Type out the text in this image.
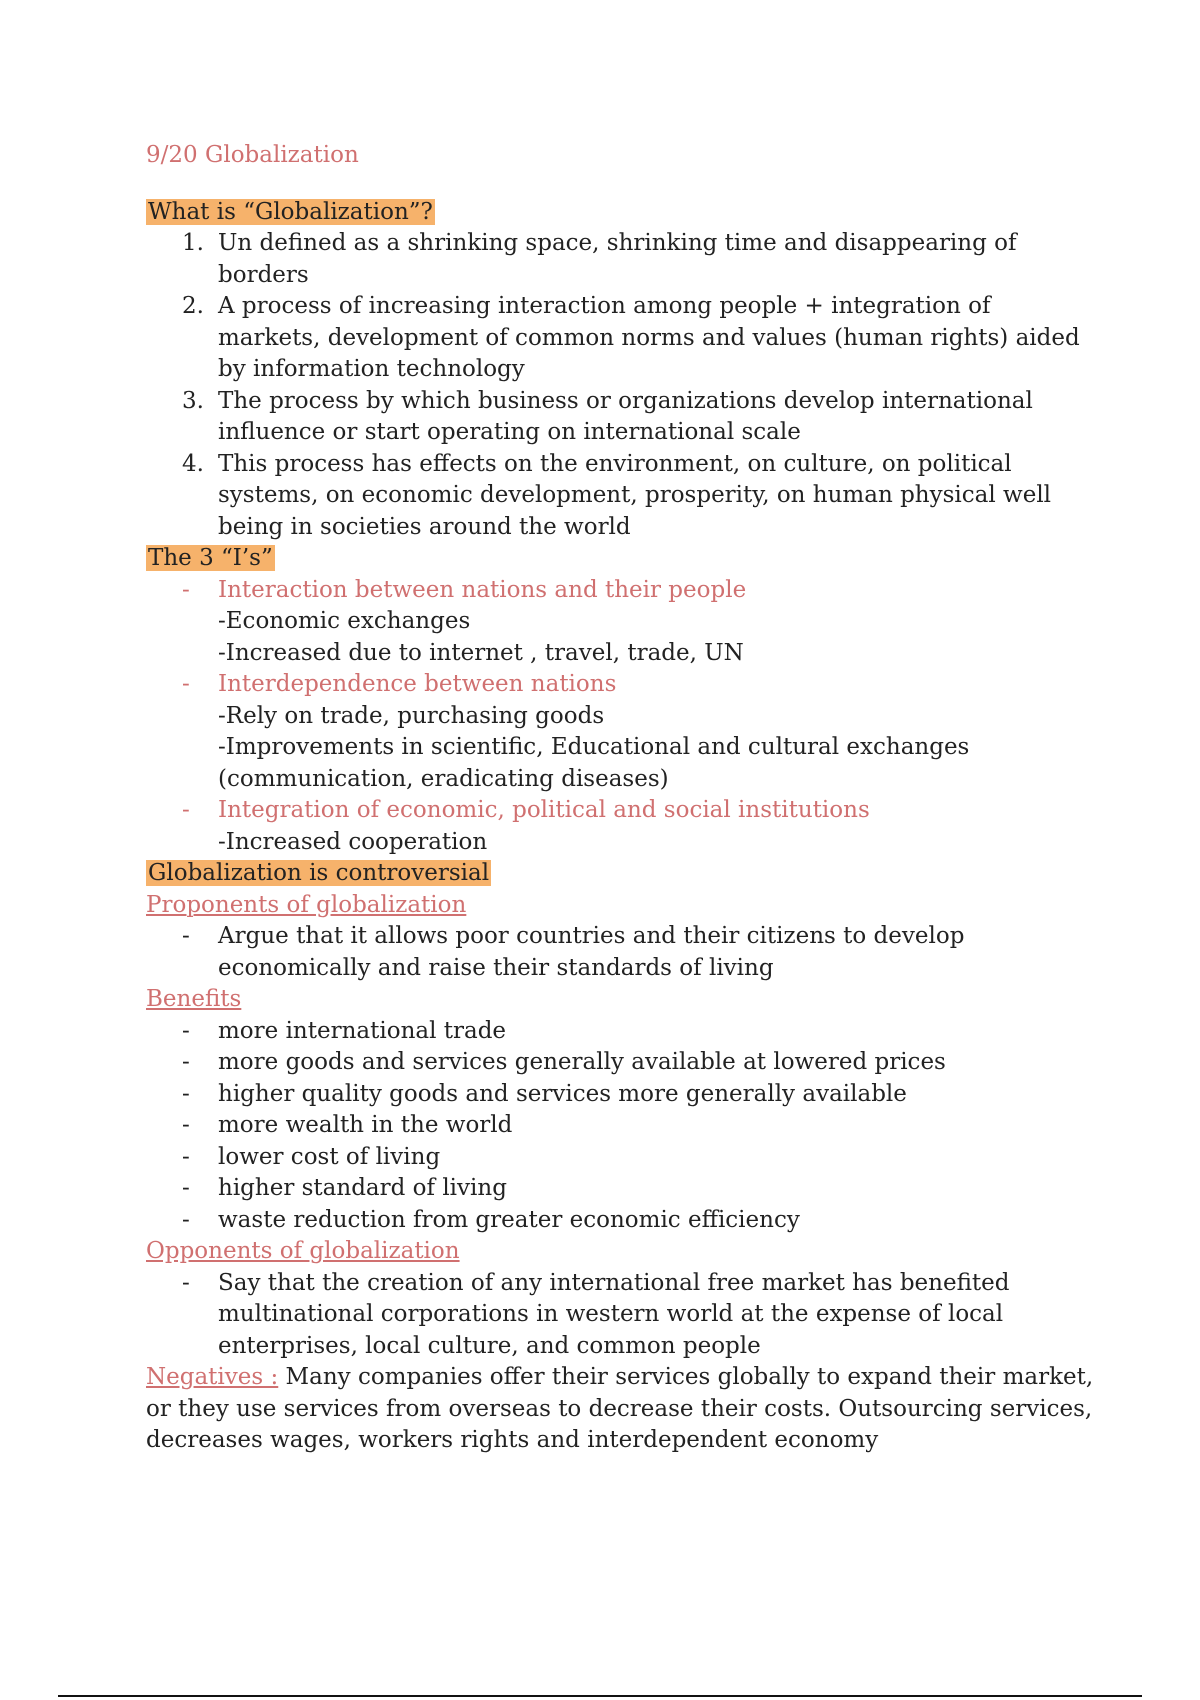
9/20 Globalization
What is “Globalization”?
1. Un defined as a shrinking space, shrinking time and disappearing of borders
2. A process of increasing interaction among people + integration of markets, development of common norms and values (human rights) aided by information technology
3. The process by which business or organizations develop international influence or start operating on international scale
4. This process has effects on the environment, on culture, on political systems, on economic development, prosperity, on human physical well being in societies around the world
The 3 “I’s”
- Interaction between nations and their people
-Economic exchanges
-Increased due to internet , travel, trade, UN
- Interdependence between nations
-Rely on trade, purchasing goods
-Improvements in scientific, Educational and cultural exchanges (communication, eradicating diseases)
- Integration of economic, political and social institutions
-Increased cooperation
Globalization is controversial
Proponents of globalization
- Argue that it allows poor countries and their citizens to develop economically and raise their standards of living
Benefits
- more international trade
- more goods and services generally available at lowered prices
- higher quality goods and services more generally available
- more wealth in the world
- lower cost of living
- higher standard of living
- waste reduction from greater economic efficiency
Opponents of globalization
- Say that the creation of any international free market has benefited multinational corporations in western world at the expense of local enterprises, local culture, and common people
Negatives : Many companies offer their services globally to expand their market, or they use services from overseas to decrease their costs. Outsourcing services, decreases wages, workers rights and interdependent economy
